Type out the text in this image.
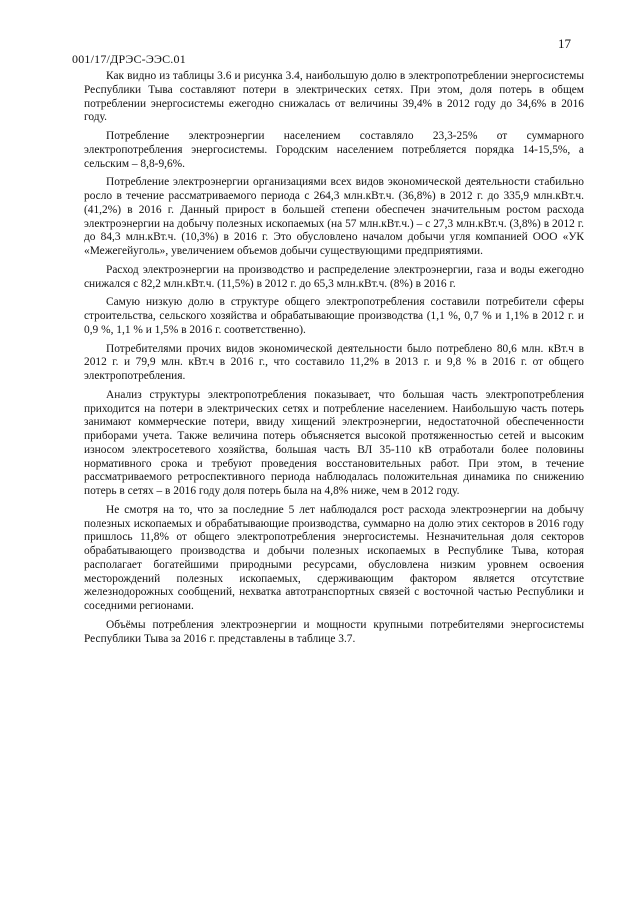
17
001/17/ДРЭС-ЭЭС.01

Как видно из таблицы 3.6 и рисунка 3.4, наибольшую долю в электропотреблении энергосистемы Республики Тыва составляют потери в электрических сетях. При этом, доля потерь в общем потреблении энергосистемы ежегодно снижалась от величины 39,4% в 2012 году до 34,6% в 2016 году.

Потребление электроэнергии населением составляло 23,3-25% от суммарного электропотребления энергосистемы. Городским населением потребляется порядка 14-15,5%, а сельским – 8,8-9,6%.

Потребление электроэнергии организациями всех видов экономической деятельности стабильно росло в течение рассматриваемого периода с 264,3 млн.кВт.ч. (36,8%) в 2012 г. до 335,9 млн.кВт.ч. (41,2%) в 2016 г. Данный прирост в большей степени обеспечен значительным ростом расхода электроэнергии на добычу полезных ископаемых (на 57 млн.кВт.ч.) – с 27,3 млн.кВт.ч. (3,8%) в 2012 г. до 84,3 млн.кВт.ч. (10,3%) в 2016 г. Это обусловлено началом добычи угля компанией ООО «УК «Межегейуголь», увеличением объемов добычи существующими предприятиями.

Расход электроэнергии на производство и распределение электроэнергии, газа и воды ежегодно снижался с 82,2 млн.кВт.ч. (11,5%) в 2012 г. до 65,3 млн.кВт.ч. (8%) в 2016 г.

Самую низкую долю в структуре общего электропотребления составили потребители сферы строительства, сельского хозяйства и обрабатывающие производства (1,1 %, 0,7 % и 1,1% в 2012 г. и 0,9 %, 1,1 % и 1,5% в 2016 г. соответственно).

Потребителями прочих видов экономической деятельности было потреблено 80,6 млн. кВт.ч в 2012 г. и 79,9 млн. кВт.ч в 2016 г., что составило 11,2% в 2013 г. и 9,8 % в 2016 г. от общего электропотребления.

Анализ структуры электропотребления показывает, что большая часть электропотребления приходится на потери в электрических сетях и потребление населением. Наибольшую часть потерь занимают коммерческие потери, ввиду хищений электроэнергии, недостаточной обеспеченности приборами учета. Также величина потерь объясняется высокой протяженностью сетей и высоким износом электросетевого хозяйства, большая часть ВЛ 35-110 кВ отработали более половины нормативного срока и требуют проведения восстановительных работ. При этом, в течение рассматриваемого ретроспективного периода наблюдалась положительная динамика по снижению потерь в сетях – в 2016 году доля потерь была на 4,8% ниже, чем в 2012 году.

Не смотря на то, что за последние 5 лет наблюдался рост расхода электроэнергии на добычу полезных ископаемых и обрабатывающие производства, суммарно на долю этих секторов в 2016 году пришлось 11,8% от общего электропотребления энергосистемы. Незначительная доля секторов обрабатывающего производства и добычи полезных ископаемых в Республике Тыва, которая располагает богатейшими природными ресурсами, обусловлена низким уровнем освоения месторождений полезных ископаемых, сдерживающим фактором является отсутствие железнодорожных сообщений, нехватка автотранспортных связей с восточной частью Республики и соседними регионами.

Объёмы потребления электроэнергии и мощности крупными потребителями энергосистемы Республики Тыва за 2016 г. представлены в таблице 3.7.
